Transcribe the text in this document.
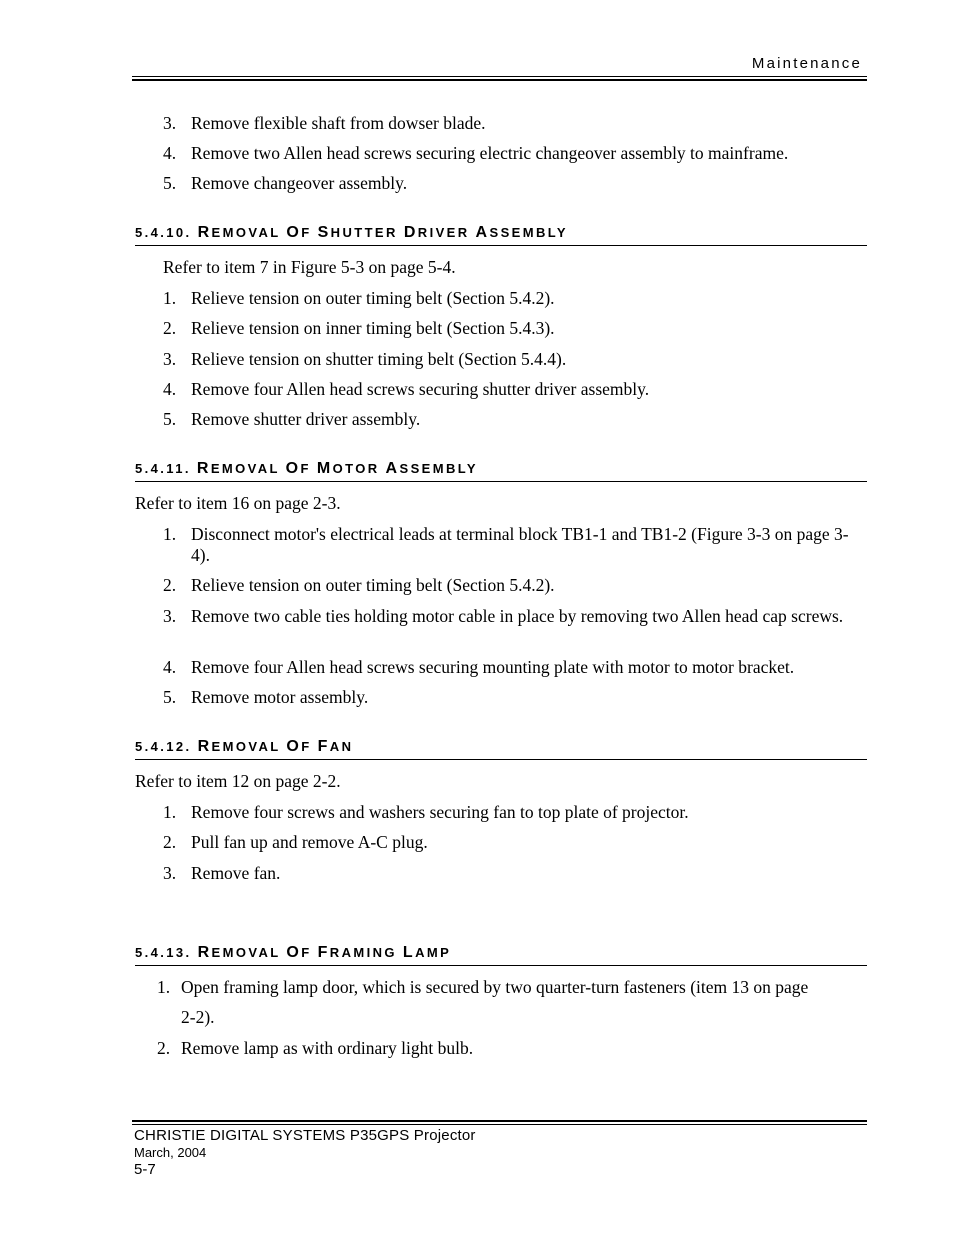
Maintenance
3. Remove flexible shaft from dowser blade.
4. Remove two Allen head screws securing electric changeover assembly to mainframe.
5. Remove changeover assembly.
5.4.10. REMOVAL OF SHUTTER DRIVER ASSEMBLY
Refer to item 7 in Figure 5-3 on page 5-4.
1. Relieve tension on outer timing belt (Section 5.4.2).
2. Relieve tension on inner timing belt (Section 5.4.3).
3. Relieve tension on shutter timing belt (Section 5.4.4).
4. Remove four Allen head screws securing shutter driver assembly.
5. Remove shutter driver assembly.
5.4.11. REMOVAL OF MOTOR ASSEMBLY
Refer to item 16 on page 2-3.
1. Disconnect motor's electrical leads at terminal block TB1-1 and TB1-2 (Figure 3-3 on page 3-4).
2. Relieve tension on outer timing belt (Section 5.4.2).
3. Remove two cable ties holding motor cable in place by removing two Allen head cap screws.
4. Remove four Allen head screws securing mounting plate with motor to motor bracket.
5. Remove motor assembly.
5.4.12. REMOVAL OF FAN
Refer to item 12 on page 2-2.
1. Remove four screws and washers securing fan to top plate of projector.
2. Pull fan up and remove A-C plug.
3. Remove fan.
5.4.13. REMOVAL OF FRAMING LAMP
1. Open framing lamp door, which is secured by two quarter-turn fasteners (item 13 on page 2-2).
2. Remove lamp as with ordinary light bulb.
CHRISTIE DIGITAL SYSTEMS P35GPS Projector
March, 2004
5-7
